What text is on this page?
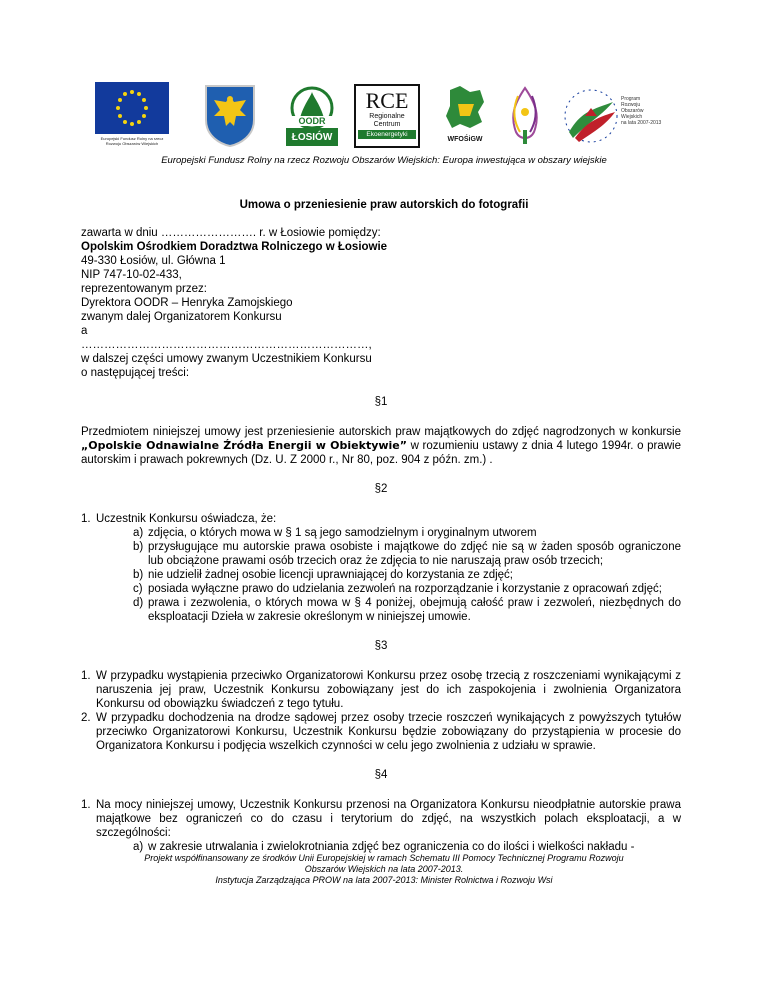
Europejski Fundusz Rolny na rzecz Rozwoju Obszarów Wiejskich
OODR
ŁOSIÓW
RCE
Regionalne
Centrum
Ekoenergetyki
WFOŚiGW
Program
Rozwoju
Obszarów
Wiejskich
na lata 2007-2013
Europejski Fundusz Rolny na rzecz Rozwoju Obszarów Wiejskich: Europa inwestująca w obszary wiejskie
Umowa o przeniesienie praw autorskich do fotografii

zawarta w dniu ……………………. r. w Łosiowie pomiędzy:

Opolskim Ośrodkiem Doradztwa Rolniczego w Łosiowie

49-330 Łosiów, ul. Główna 1

NIP 747-10-02-433,

reprezentowanym przez:

Dyrektora OODR – Henryka Zamojskiego

zwanym dalej Organizatorem Konkursu

a

…………………………………………………………………,

w dalszej części umowy zwanym Uczestnikiem Konkursu

o następującej treści:

§1

Przedmiotem niniejszej umowy jest przeniesienie autorskich praw majątkowych do zdjęć nagrodzonych w konkursie „Opolskie Odnawialne Źródła Energii w Obiektywie” w rozumieniu ustawy z dnia 4 lutego 1994r. o prawie autorskim i prawach pokrewnych (Dz. U. Z 2000 r., Nr 80, poz. 904 z późn. zm.) .

§2

1. Uczestnik Konkursu oświadcza, że:
a) zdjęcia, o których mowa w § 1 są jego samodzielnym i oryginalnym utworem
b) przysługujące mu autorskie prawa osobiste i majątkowe do zdjęć nie są w żaden sposób ograniczone lub obciążone prawami osób trzecich oraz że zdjęcia to nie naruszają praw osób trzecich;
b) nie udzielił żadnej osobie licencji uprawniającej do korzystania ze zdjęć;
c) posiada wyłączne prawo do udzielania zezwoleń na rozporządzanie i korzystanie z opracowań zdjęć;
d) prawa i zezwolenia, o których mowa w § 4 poniżej, obejmują całość praw i zezwoleń, niezbędnych do eksploatacji Dzieła w zakresie określonym w niniejszej umowie.

§3

1. W przypadku wystąpienia przeciwko Organizatorowi Konkursu przez osobę trzecią z roszczeniami wynikającymi z naruszenia jej praw, Uczestnik Konkursu zobowiązany jest do ich zaspokojenia i zwolnienia Organizatora Konkursu od obowiązku świadczeń z tego tytułu.
2. W przypadku dochodzenia na drodze sądowej przez osoby trzecie roszczeń wynikających z powyższych tytułów przeciwko Organizatorowi Konkursu, Uczestnik Konkursu będzie zobowiązany do przystąpienia w procesie do Organizatora Konkursu i podjęcia wszelkich czynności w celu jego zwolnienia z udziału w sprawie.

§4

1. Na mocy niniejszej umowy, Uczestnik Konkursu przenosi na Organizatora Konkursu nieodpłatnie autorskie prawa majątkowe bez ograniczeń co do czasu i terytorium do zdjęć, na wszystkich polach eksploatacji, a w szczególności:
a) w zakresie utrwalania i zwielokrotniania zdjęć bez ograniczenia co do ilości i wielkości nakładu -
Projekt współfinansowany ze środków Unii Europejskiej w ramach Schematu III Pomocy Technicznej Programu Rozwoju
Obszarów Wiejskich na lata 2007-2013.
Instytucja Zarządzająca PROW na lata 2007-2013: Minister Rolnictwa i Rozwoju Wsi
